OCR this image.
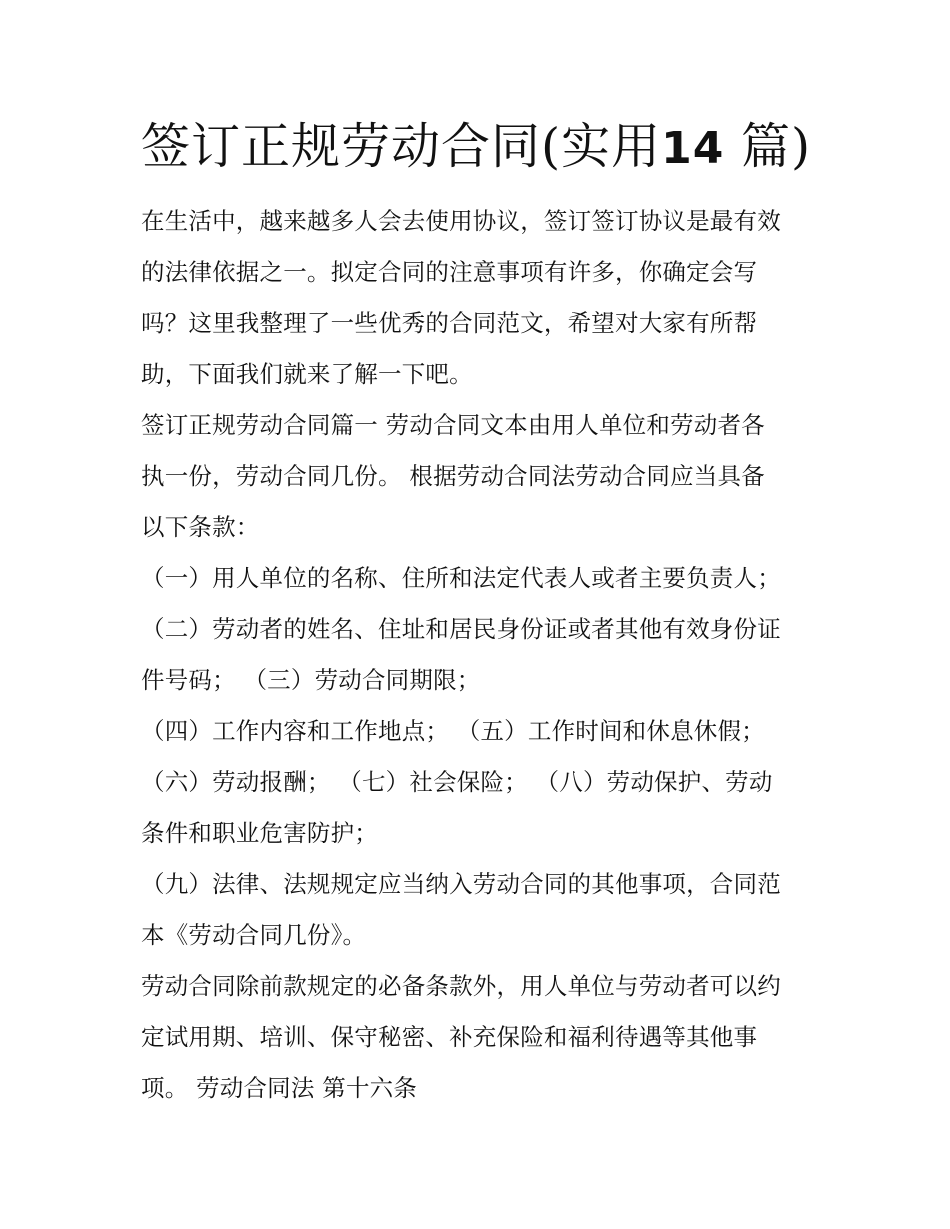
签订正规劳动合同(实用14 篇)

在生活中，越来越多人会去使用协议，签订签订协议是最有效

的法律依据之一。拟定合同的注意事项有许多，你确定会写

吗？这里我整理了一些优秀的合同范文，希望对大家有所帮

助，下面我们就来了解一下吧。

签订正规劳动合同篇一 劳动合同文本由用人单位和劳动者各

执一份，劳动合同几份。 根据劳动合同法劳动合同应当具备

以下条款：

（一）用人单位的名称、住所和法定代表人或者主要负责人；

（二）劳动者的姓名、住址和居民身份证或者其他有效身份证

件号码； （三）劳动合同期限；

（四）工作内容和工作地点； （五）工作时间和休息休假；

（六）劳动报酬； （七）社会保险； （八）劳动保护、劳动

条件和职业危害防护；

（九）法律、法规规定应当纳入劳动合同的其他事项，合同范

本《劳动合同几份》。

劳动合同除前款规定的必备条款外，用人单位与劳动者可以约

定试用期、培训、保守秘密、补充保险和福利待遇等其他事

项。 劳动合同法 第十六条
